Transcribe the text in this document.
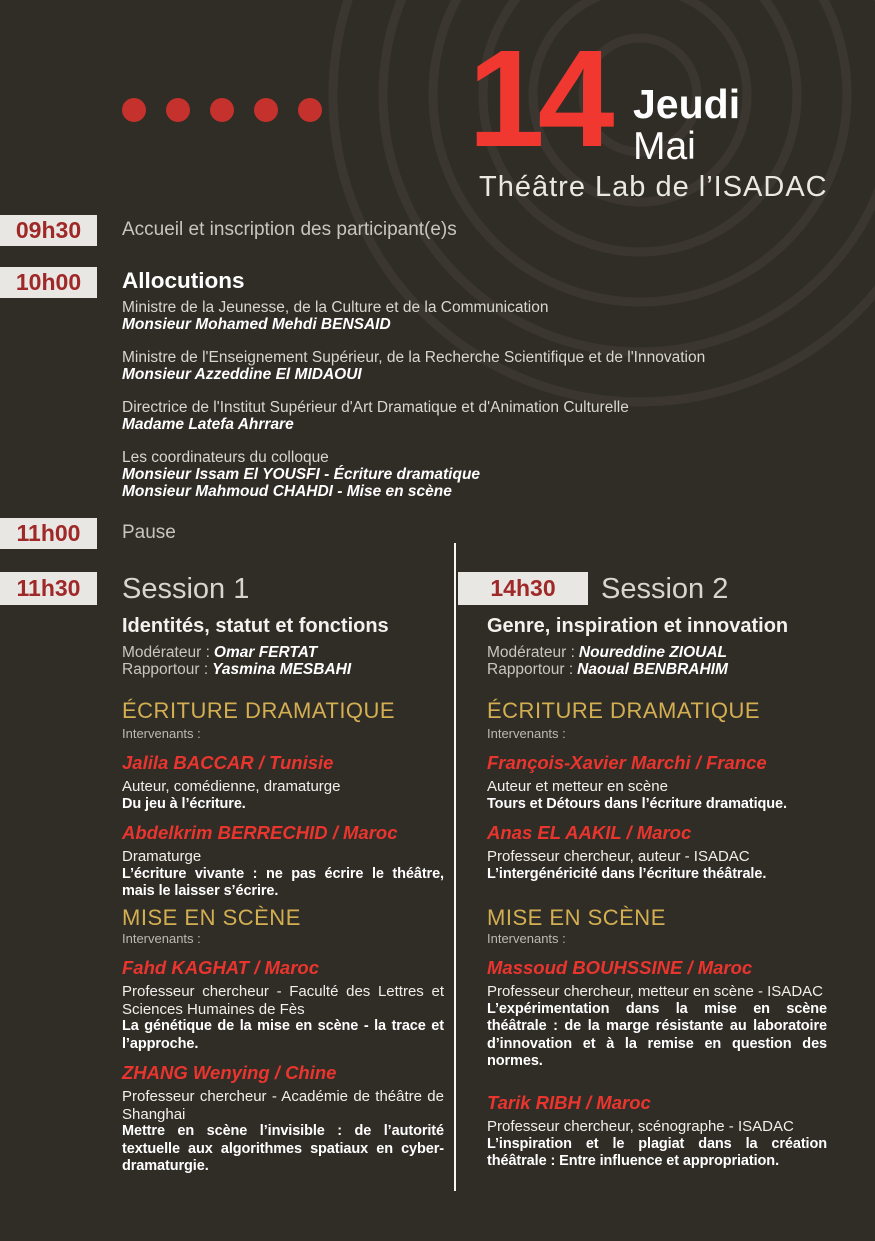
14 Jeudi
Mai
Théâtre Lab de l’ISADAC
09h30	Accueil et inscription des participant(e)s
10h00	Allocutions
Ministre de la Jeunesse, de la Culture et de la Communication
Monsieur Mohamed Mehdi BENSAID
Ministre de l'Enseignement Supérieur, de la Recherche Scientifique et de l'Innovation
Monsieur Azzeddine El MIDAOUI
Directrice de l'Institut Supérieur d'Art Dramatique et d'Animation Culturelle
Madame Latefa Ahrrare
Les coordinateurs du colloque
Monsieur Issam El YOUSFI - Écriture dramatique
Monsieur Mahmoud CHAHDI - Mise en scène
11h00	Pause
11h30	Session 1	14h30	Session 2
Identités, statut et fonctions	Genre, inspiration et innovation
Modérateur : Omar FERTAT
Rapportour : Yasmina MESBAHI
Modérateur : Noureddine ZIOUAL
Rapportour : Naoual BENBRAHIM
ÉCRITURE DRAMATIQUE
Intervenants :
Jalila BACCAR / Tunisie
Auteur, comédienne, dramaturge
Du jeu à l’écriture.
Abdelkrim BERRECHID / Maroc
Dramaturge
L’écriture vivante : ne pas écrire le théâtre, mais le laisser s’écrire.
MISE EN SCÈNE
Intervenants :
Fahd KAGHAT / Maroc
Professeur chercheur - Faculté des Lettres et Sciences Humaines de Fès
La génétique de la mise en scène - la trace et l’approche.
ZHANG Wenying / Chine
Professeur chercheur - Académie de théâtre de Shanghai
Mettre en scène l’invisible : de l’autorité textuelle aux algorithmes spatiaux en cyber-dramaturgie.
ÉCRITURE DRAMATIQUE
Intervenants :
François-Xavier Marchi / France
Auteur et metteur en scène
Tours et Détours dans l’écriture dramatique.
Anas EL AAKIL / Maroc
Professeur chercheur, auteur - ISADAC
L’intergénéricité dans l’écriture théâtrale.
MISE EN SCÈNE
Intervenants :
Massoud BOUHSSINE / Maroc
Professeur chercheur, metteur en scène - ISADAC
L’expérimentation dans la mise en scène théâtrale : de la marge résistante au laboratoire d’innovation et à la remise en question des normes.
Tarik RIBH / Maroc
Professeur chercheur, scénographe - ISADAC
L’inspiration et le plagiat dans la création théâtrale : Entre influence et appropriation.
